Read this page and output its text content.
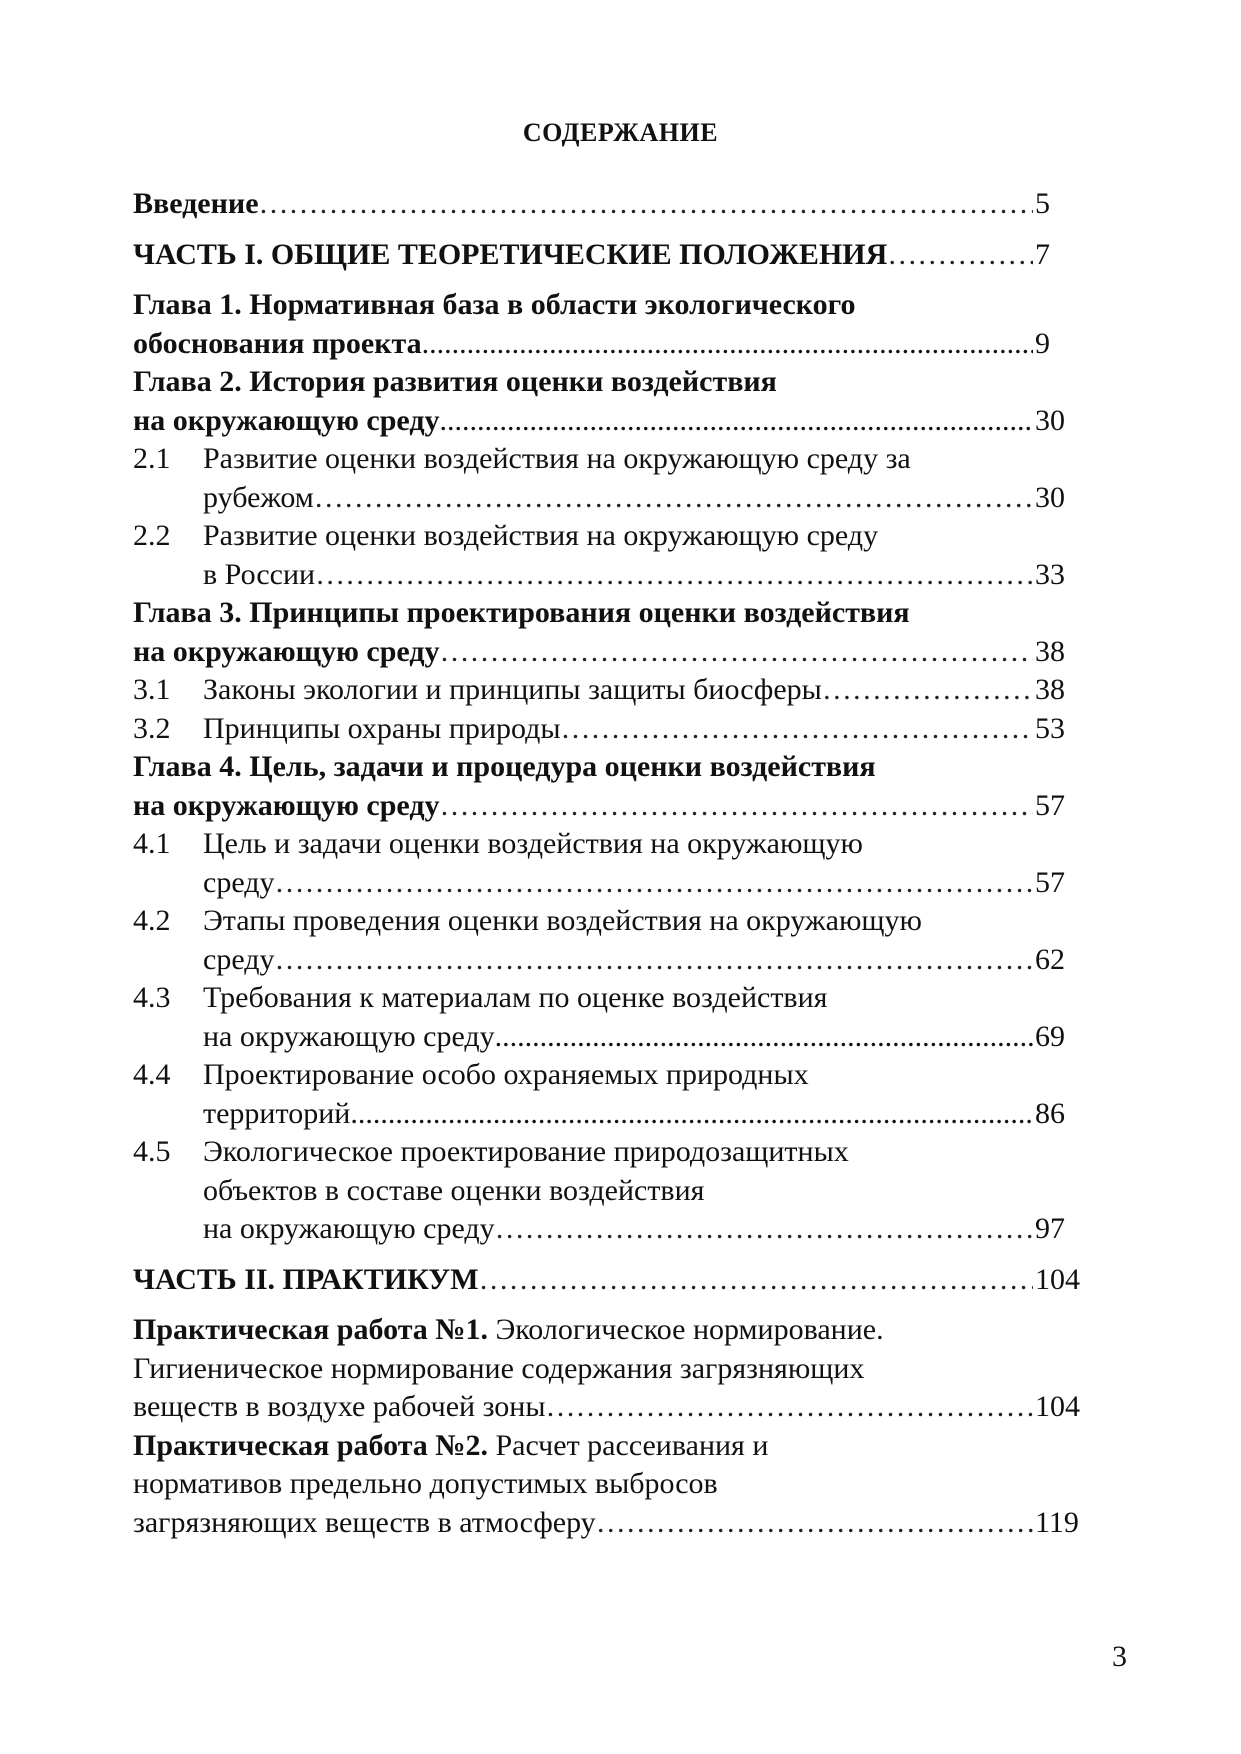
СОДЕРЖАНИЕ
Введение ……………………………………………………………………………………………………………………………………………	5
ЧАСТЬ I. ОБЩИЕ ТЕОРЕТИЧЕСКИЕ ПОЛОЖЕНИЯ ……………………………………………………………………………………………………………………………………………	7
Глава 1. Нормативная база в области экологического
обоснования проекта .....	9
Глава 2. История развития оценки воздействия
на окружающую среду .....	30
2.1 Развитие оценки воздействия на окружающую среду за
рубежом ……………………………………………………………………………………………………………………………………………	30
2.2 Развитие оценки воздействия на окружающую среду
в России ……………………………………………………………………………………………………………………………………………	33
Глава 3. Принципы проектирования оценки воздействия
на окружающую среду ……………………………………………………………………………………………………………………………………………	38
3.1 Законы экологии и принципы защиты биосферы ……………………………………………………………………………………………………………………………………………	38
3.2 Принципы охраны природы ……………………………………………………………………………………………………………………………………………	53
Глава 4. Цель, задачи и процедура оценки воздействия
на окружающую среду ……………………………………………………………………………………………………………………………………………	57
4.1 Цель и задачи оценки воздействия на окружающую
среду ……………………………………………………………………………………………………………………………………………	57
4.2 Этапы проведения оценки воздействия на окружающую
среду ……………………………………………………………………………………………………………………………………………	62
4.3 Требования к материалам по оценке воздействия
на окружающую среду .....	69
4.4 Проектирование особо охраняемых природных
территорий .....	86
4.5 Экологическое проектирование природозащитных
объектов в составе оценки воздействия
на окружающую среду ……………………………………………………………………………………………………………………………………………	97
ЧАСТЬ II. ПРАКТИКУМ ……………………………………………………………………………………………………………………………………………	104
Практическая работа №1. Экологическое нормирование.
Гигиеническое нормирование содержания загрязняющих
веществ в воздухе рабочей зоны ……………………………………………………………………………………………………………………………………………	104
Практическая работа №2. Расчет рассеивания и
нормативов предельно допустимых выбросов
загрязняющих веществ в атмосферу ……………………………………………………………………………………………………………………………………………	119
3
